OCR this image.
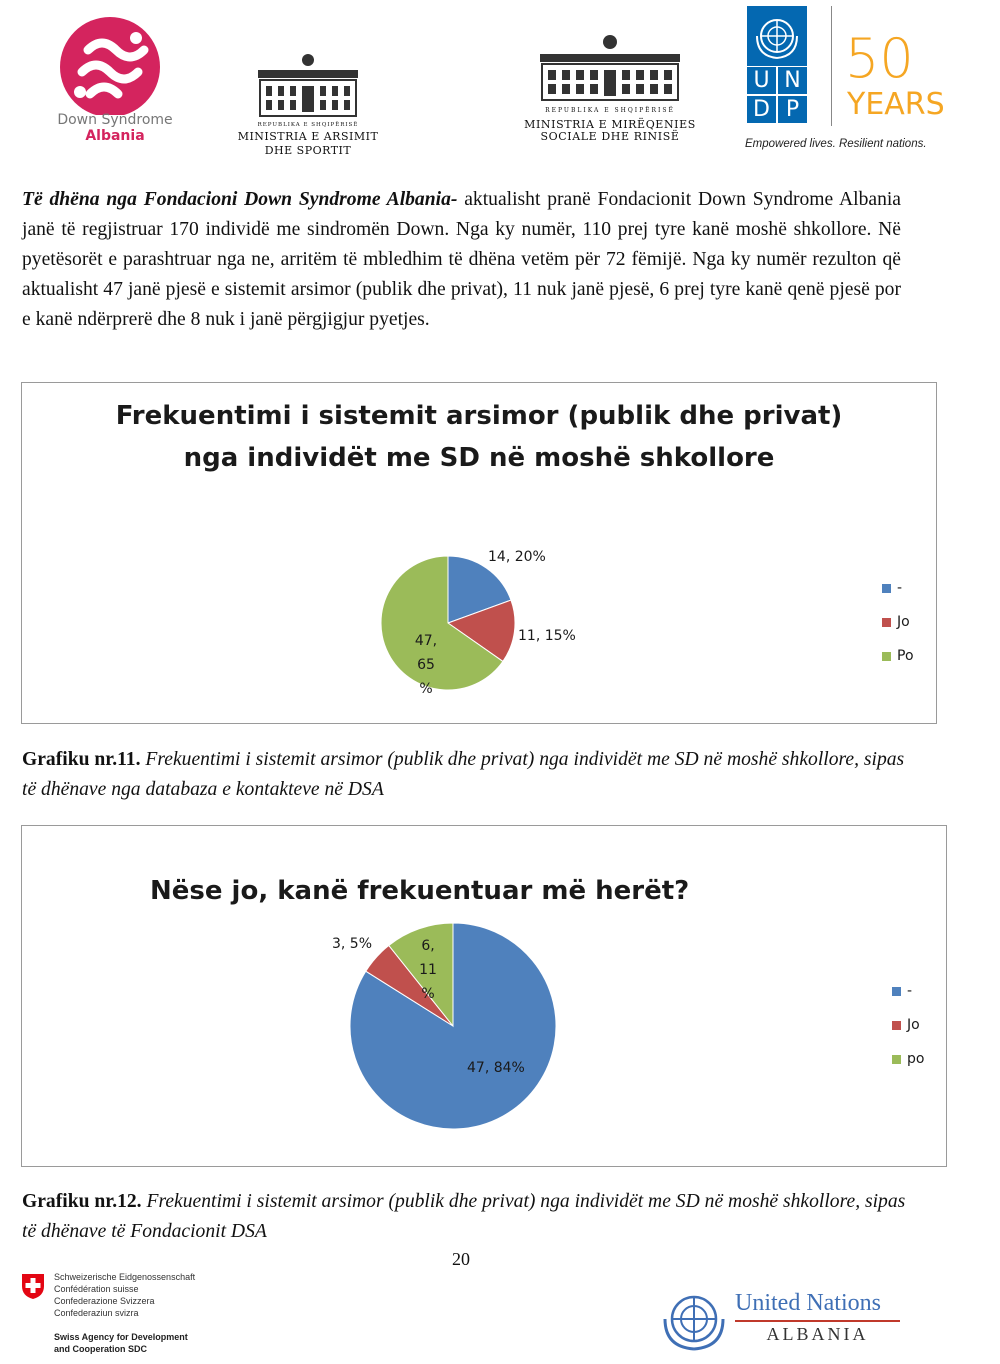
Down Syndrome
Albania
REPUBLIKA E SHQIPËRISË
MINISTRIA E ARSIMIT
DHE SPORTIT
REPUBLIKA E SHQIPËRISË
MINISTRIA E MIRËQENIES
SOCIALE DHE RINISË
U N
D P
50
YEARS
Empowered lives. Resilient nations.
Të dhëna nga Fondacioni Down Syndrome Albania- aktualisht pranë Fondacionit Down Syndrome Albania janë të regjistruar 170 individë me sindromën Down. Nga ky numër, 110 prej tyre kanë moshë shkollore. Në pyetësorët e parashtruar nga ne, arritëm të mbledhim të dhëna vetëm për 72 fëmijë. Nga ky numër rezulton që aktualisht 47 janë pjesë e sistemit arsimor (publik dhe privat), 11 nuk janë pjesë, 6 prej tyre kanë qenë pjesë por e kanë ndërprerë dhe 8 nuk i janë përgjigjur pyetjes.
Frekuentimi i sistemit arsimor (publik dhe privat)
nga individët me SD në moshë shkollore
14, 20%
11, 15%
47,
65
%
-
Jo
Po
Grafiku nr.11. Frekuentimi i sistemit arsimor (publik dhe privat) nga individët me SD në moshë shkollore, sipas të dhënave nga databaza e kontakteve në DSA
Nëse jo, kanë frekuentuar më herët?
47, 84%
3, 5%	6,
11
%	-
Jo
po
Grafiku nr.12. Frekuentimi i sistemit arsimor (publik dhe privat) nga individët me SD në moshë shkollore, sipas të dhënave të Fondacionit DSA
20
Schweizerische Eidgenossenschaft
Confédération suisse
Confederazione Svizzera
Confederaziun svizra
Swiss Agency for Development
and Cooperation SDC
United Nations
ALBANIA
